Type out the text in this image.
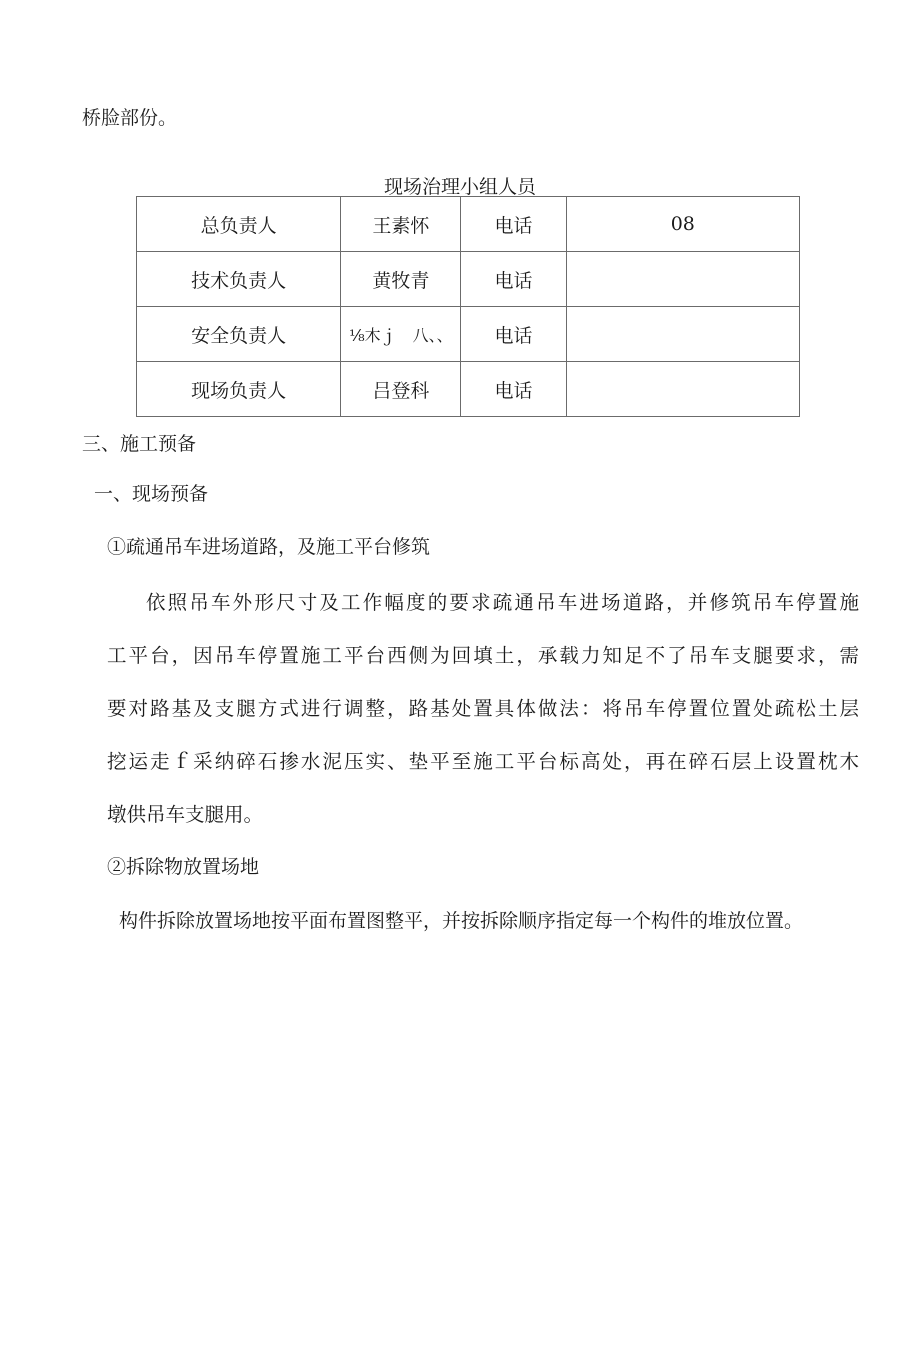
桥脸部份。
现场治理小组人员
总负责人	王素怀	电话	08
技术负责人	黄牧青	电话	
安全负责人	⅛木ｊ　八、、	电话	
现场负责人	吕登科	电话	
三、施工预备
一、现场预备
①疏通吊车进场道路，及施工平台修筑
依照吊车外形尺寸及工作幅度的要求疏通吊车进场道路，并修筑吊车停置施
工平台，因吊车停置施工平台西侧为回填土，承载力知足不了吊车支腿要求，需
要对路基及支腿方式进行调整，路基处置具体做法：将吊车停置位置处疏松土层
挖运走ｆ采纳碎石掺水泥压实、垫平至施工平台标高处，再在碎石层上设置枕木
墩供吊车支腿用。
②拆除物放置场地
构件拆除放置场地按平面布置图整平，并按拆除顺序指定每一个构件的堆放位置。
